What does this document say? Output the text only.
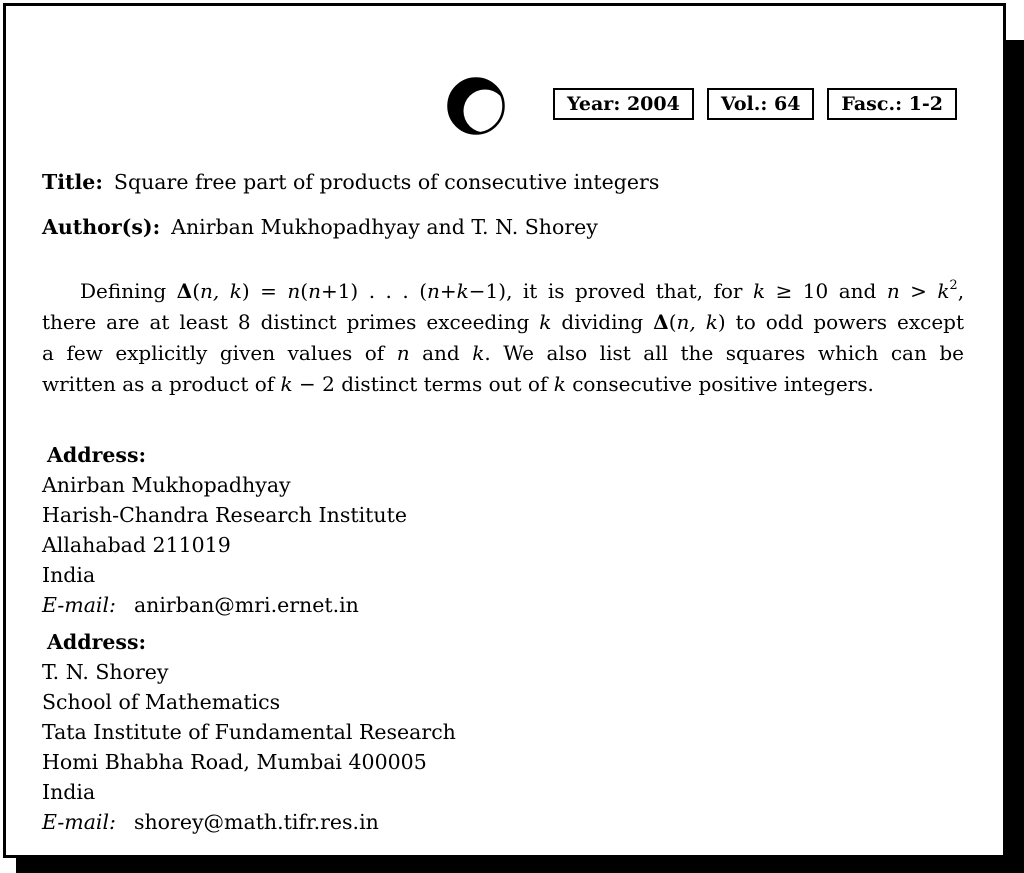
Year: 2004	Vol.: 64	Fasc.: 1-2
Title: Square free part of products of consecutive integers
Author(s): Anirban Mukhopadhyay and T. N. Shorey
Defining Δ(n, k) = n(n+1) . . . (n+k−1), it is proved that, for k ≥ 10 and $n > k^2$,
there are at least 8 distinct primes exceeding k dividing Δ(n, k) to odd powers except
a few explicitly given values of n and k. We also list all the squares which can be
written as a product of k − 2 distinct terms out of k consecutive positive integers.
Address:
Anirban Mukhopadhyay
Harish-Chandra Research Institute
Allahabad 211019
India
E-mail: anirban@mri.ernet.in
Address:
T. N. Shorey
School of Mathematics
Tata Institute of Fundamental Research
Homi Bhabha Road, Mumbai 400005
India
E-mail: shorey@math.tifr.res.in
